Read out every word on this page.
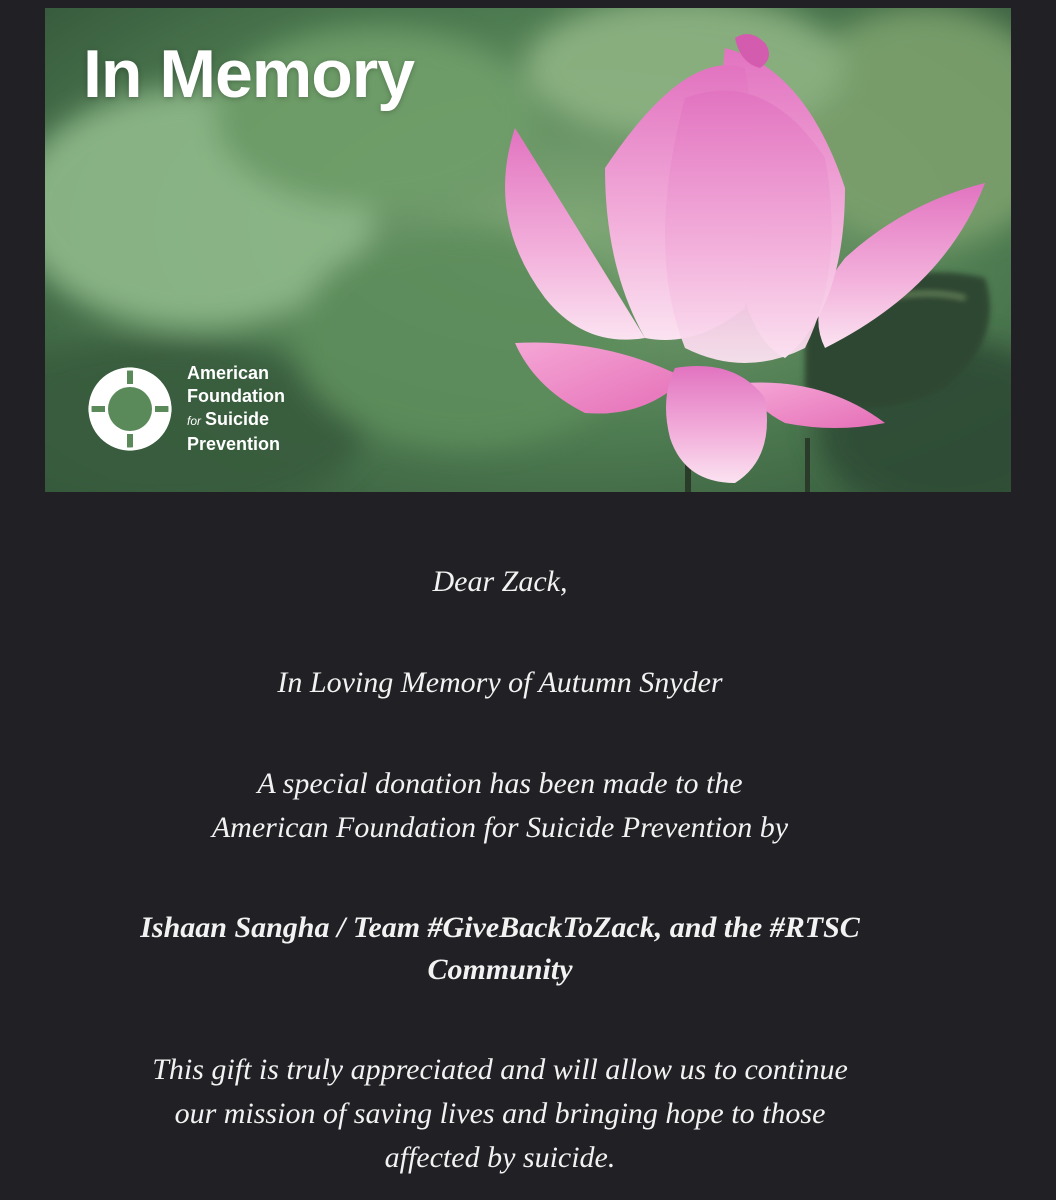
In Memory
American
Foundation
for Suicide
Prevention

Dear Zack,

In Loving Memory of Autumn Snyder

A special donation has been made to the

American Foundation for Suicide Prevention by

Ishaan Sangha / Team #GiveBackToZack, and the #RTSC

Community

This gift is truly appreciated and will allow us to continue

our mission of saving lives and bringing hope to those

affected by suicide.
